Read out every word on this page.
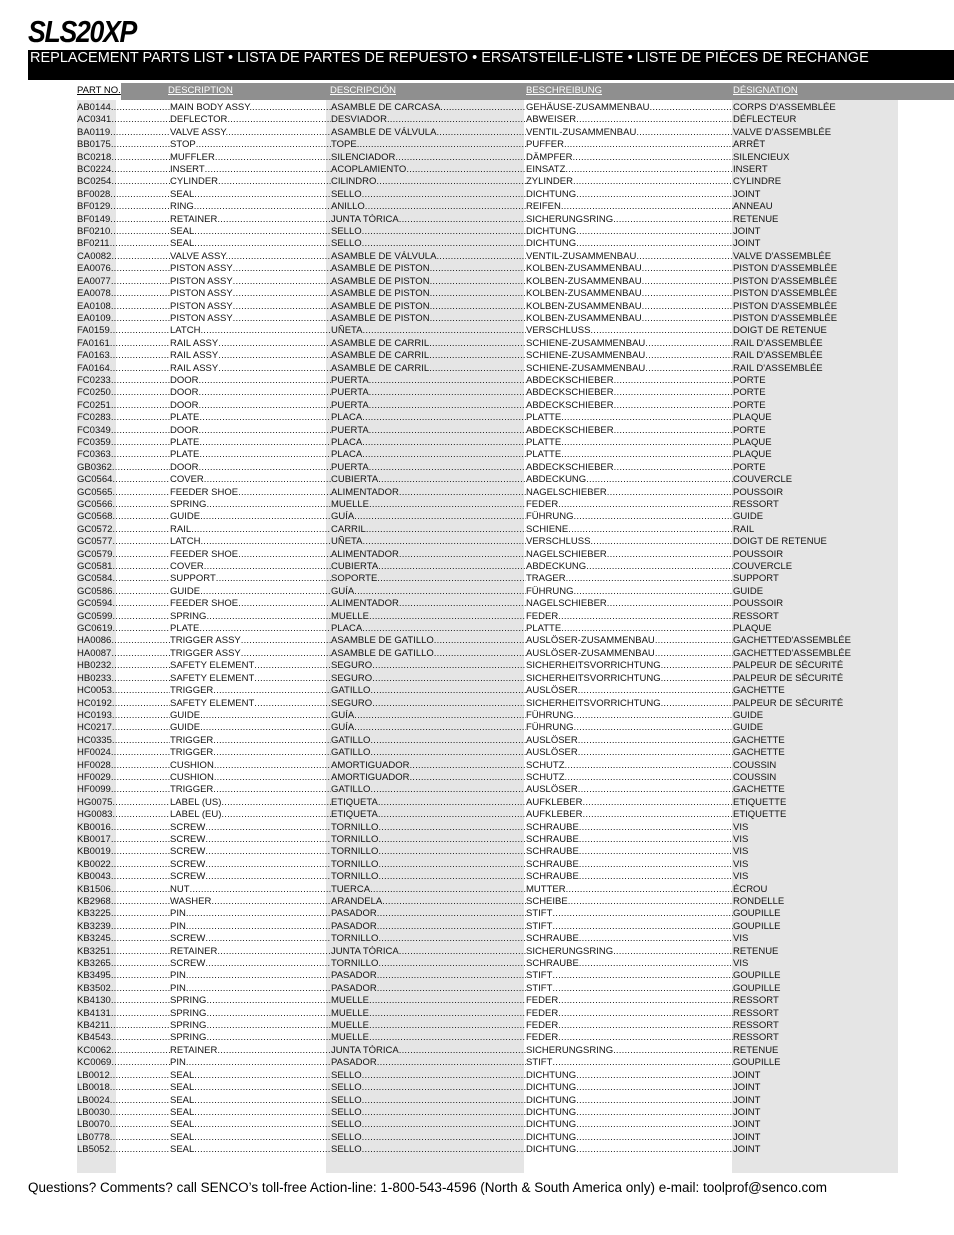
SLS20XP
REPLACEMENT PARTS LIST • LISTA DE PARTES DE REPUESTO • ERSATSTEILE-LISTE • LISTE DE PIÈCES DE RECHANGE
PART NO.	DESCRIPTION	DESCRIPCIÓN	BESCHREIBUNG	DÉSIGNATION
AB0144 .....	MAIN BODY ASSY. .....	ASAMBLE DE CARCASA .....	GEHÄUSE-ZUSAMMENBAU .....	CORPS D'ASSEMBLÉE
AC0341 .....	DEFLECTOR .....	DESVIADOR .....	ABWEISER .....	DÉFLECTEUR
BA0119 .....	VALVE ASSY. .....	ASAMBLE DE VÁLVULA .....	VENTIL-ZUSAMMENBAU .....	VALVE D'ASSEMBLÉE
BB0175 .....	STOP .....	TOPE .....	PUFFER .....	ARRÊT
BC0218 .....	MUFFLER .....	SILENCIADOR .....	DÄMPFER .....	SILENCIEUX
BC0224 .....	INSERT .....	ACOPLAMIENTO .....	EINSATZ .....	INSERT
BC0254 .....	CYLINDER .....	CILINDRO .....	ZYLINDER .....	CYLINDRE
BF0028 .....	SEAL .....	SELLO .....	DICHTUNG .....	JOINT
BF0129 .....	RING .....	ANILLO .....	REIFEN .....	ANNEAU
BF0149 .....	RETAINER .....	JUNTA TÓRICA .....	SICHERUNGSRING .....	RETENUE
BF0210 .....	SEAL .....	SELLO .....	DICHTUNG .....	JOINT
BF0211 .....	SEAL .....	SELLO .....	DICHTUNG .....	JOINT
CA0082 .....	VALVE ASSY. .....	ASAMBLE DE VÁLVULA .....	VENTIL-ZUSAMMENBAU .....	VALVE D'ASSEMBLÉE
EA0076 .....	PISTON ASSY .....	ASAMBLE DE PISTON .....	KOLBEN-ZUSAMMENBAU .....	PISTON D'ASSEMBLÉE
EA0077 .....	PISTON ASSY .....	ASAMBLE DE PISTON .....	KOLBEN-ZUSAMMENBAU .....	PISTON D'ASSEMBLÉE
EA0078 .....	PISTON ASSY .....	ASAMBLE DE PISTON .....	KOLBEN-ZUSAMMENBAU .....	PISTON D'ASSEMBLÉE
EA0108 .....	PISTON ASSY .....	ASAMBLE DE PISTON .....	KOLBEN-ZUSAMMENBAU .....	PISTON D'ASSEMBLÉE
EA0109 .....	PISTON ASSY .....	ASAMBLE DE PISTON .....	KOLBEN-ZUSAMMENBAU .....	PISTON D'ASSEMBLÉE
FA0159 .....	LATCH .....	UÑETA .....	VERSCHLUSS .....	DOIGT DE RETENUE
FA0161 .....	RAIL ASSY .....	ASAMBLE DE CARRIL .....	SCHIENE-ZUSAMMENBAU .....	RAIL D'ASSEMBLÉE
FA0163 .....	RAIL ASSY .....	ASAMBLE DE CARRIL .....	SCHIENE-ZUSAMMENBAU .....	RAIL D'ASSEMBLÉE
FA0164 .....	RAIL ASSY .....	ASAMBLE DE CARRIL .....	SCHIENE-ZUSAMMENBAU .....	RAIL D'ASSEMBLÉE
FC0233 .....	DOOR .....	PUERTA .....	ABDECKSCHIEBER .....	PORTE
FC0250 .....	DOOR .....	PUERTA .....	ABDECKSCHIEBER .....	PORTE
FC0251 .....	DOOR .....	PUERTA .....	ABDECKSCHIEBER .....	PORTE
FC0283 .....	PLATE .....	PLACA .....	PLATTE .....	PLAQUE
FC0349 .....	DOOR .....	PUERTA .....	ABDECKSCHIEBER .....	PORTE
FC0359 .....	PLATE .....	PLACA .....	PLATTE .....	PLAQUE
FC0363 .....	PLATE .....	PLACA .....	PLATTE .....	PLAQUE
GB0362 .....	DOOR .....	PUERTA .....	ABDECKSCHIEBER .....	PORTE
GC0564 .....	COVER .....	CUBIERTA .....	ABDECKUNG .....	COUVERCLE
GC0565 .....	FEEDER SHOE .....	ALIMENTADOR .....	NAGELSCHIEBER .....	POUSSOIR
GC0566 .....	SPRING .....	MUELLE .....	FEDER .....	RESSORT
GC0568 .....	GUIDE .....	GUÍA .....	FÜHRUNG .....	GUIDE
GC0572 .....	RAIL .....	CARRIL .....	SCHIENE .....	RAIL
GC0577 .....	LATCH .....	UÑETA .....	VERSCHLUSS .....	DOIGT DE RETENUE
GC0579 .....	FEEDER SHOE .....	ALIMENTADOR .....	NAGELSCHIEBER .....	POUSSOIR
GC0581 .....	COVER .....	CUBIERTA .....	ABDECKUNG .....	COUVERCLE
GC0584 .....	SUPPORT .....	SOPORTE .....	TRAGER .....	SUPPORT
GC0586 .....	GUIDE .....	GUÍA .....	FÜHRUNG .....	GUIDE
GC0594 .....	FEEDER SHOE .....	ALIMENTADOR .....	NAGELSCHIEBER .....	POUSSOIR
GC0599 .....	SPRING .....	MUELLE .....	FEDER .....	RESSORT
GC0619 .....	PLATE .....	PLACA .....	PLATTE .....	PLAQUE
HA0086 .....	TRIGGER ASSY .....	ASAMBLE DE GATILLO .....	AUSLÖSER-ZUSAMMENBAU .....	GACHETTED'ASSEMBLÉE
HA0087 .....	TRIGGER ASSY .....	ASAMBLE DE GATILLO .....	AUSLÖSER-ZUSAMMENBAU .....	GACHETTED'ASSEMBLÉE
HB0232 .....	SAFETY ELEMENT .....	SEGURO .....	SICHERHEITSVORRICHTUNG .....	PALPEUR DE SÉCURITÉ
HB0233 .....	SAFETY ELEMENT .....	SEGURO .....	SICHERHEITSVORRICHTUNG .....	PALPEUR DE SÉCURITÉ
HC0053 .....	TRIGGER .....	GATILLO .....	AUSLÖSER .....	GACHETTE
HC0192 .....	SAFETY ELEMENT .....	SEGURO .....	SICHERHEITSVORRICHTUNG .....	PALPEUR DE SÉCURITÉ
HC0193 .....	GUIDE .....	GUÍA .....	FÜHRUNG .....	GUIDE
HC0217 .....	GUIDE .....	GUÍA .....	FÜHRUNG .....	GUIDE
HC0335 .....	TRIGGER .....	GATILLO .....	AUSLÖSER .....	GACHETTE
HF0024 .....	TRIGGER .....	GATILLO .....	AUSLÖSER .....	GACHETTE
HF0028 .....	CUSHION .....	AMORTIGUADOR .....	SCHUTZ .....	COUSSIN
HF0029 .....	CUSHION .....	AMORTIGUADOR .....	SCHUTZ .....	COUSSIN
HF0099 .....	TRIGGER .....	GATILLO .....	AUSLÖSER .....	GACHETTE
HG0075 .....	LABEL (US) .....	ETIQUETA .....	AUFKLEBER .....	ETIQUETTE
HG0083 .....	LABEL (EU) .....	ETIQUETA .....	AUFKLEBER .....	ETIQUETTE
KB0016 .....	SCREW .....	TORNILLO .....	SCHRAUBE .....	VIS
KB0017 .....	SCREW .....	TORNILLO .....	SCHRAUBE .....	VIS
KB0019 .....	SCREW .....	TORNILLO .....	SCHRAUBE .....	VIS
KB0022 .....	SCREW .....	TORNILLO .....	SCHRAUBE .....	VIS
KB0043 .....	SCREW .....	TORNILLO .....	SCHRAUBE .....	VIS
KB1506 .....	NUT .....	TUERCA .....	MUTTER .....	ÉCROU
KB2968 .....	WASHER .....	ARANDELA .....	SCHEIBE .....	RONDELLE
KB3225 .....	PIN .....	PASADOR .....	STIFT .....	GOUPILLE
KB3239 .....	PIN .....	PASADOR .....	STIFT .....	GOUPILLE
KB3245 .....	SCREW .....	TORNILLO .....	SCHRAUBE .....	VIS
KB3251 .....	RETAINER .....	JUNTA TÓRICA .....	SICHERUNGSRING .....	RETENUE
KB3265 .....	SCREW .....	TORNILLO .....	SCHRAUBE .....	VIS
KB3495 .....	PIN .....	PASADOR .....	STIFT .....	GOUPILLE
KB3502 .....	PIN .....	PASADOR .....	STIFT .....	GOUPILLE
KB4130 .....	SPRING .....	MUELLE .....	FEDER .....	RESSORT
KB4131 .....	SPRING .....	MUELLE .....	FEDER .....	RESSORT
KB4211 .....	SPRING .....	MUELLE .....	FEDER .....	RESSORT
KB4543 .....	SPRING .....	MUELLE .....	FEDER .....	RESSORT
KC0062 .....	RETAINER .....	JUNTA TÓRICA .....	SICHERUNGSRING .....	RETENUE
KC0069 .....	PIN .....	PASADOR .....	STIFT .....	GOUPILLE
LB0012 .....	SEAL .....	SELLO .....	DICHTUNG .....	JOINT
LB0018 .....	SEAL .....	SELLO .....	DICHTUNG .....	JOINT
LB0024 .....	SEAL .....	SELLO .....	DICHTUNG .....	JOINT
LB0030 .....	SEAL .....	SELLO .....	DICHTUNG .....	JOINT
LB0070 .....	SEAL .....	SELLO .....	DICHTUNG .....	JOINT
LB0778 .....	SEAL .....	SELLO .....	DICHTUNG .....	JOINT
LB5052 .....	SEAL .....	SELLO .....	DICHTUNG .....	JOINT
Questions? Comments? call SENCO’s toll-free Action-line: 1-800-543-4596 (North & South America only) e-mail: toolprof@senco.com
